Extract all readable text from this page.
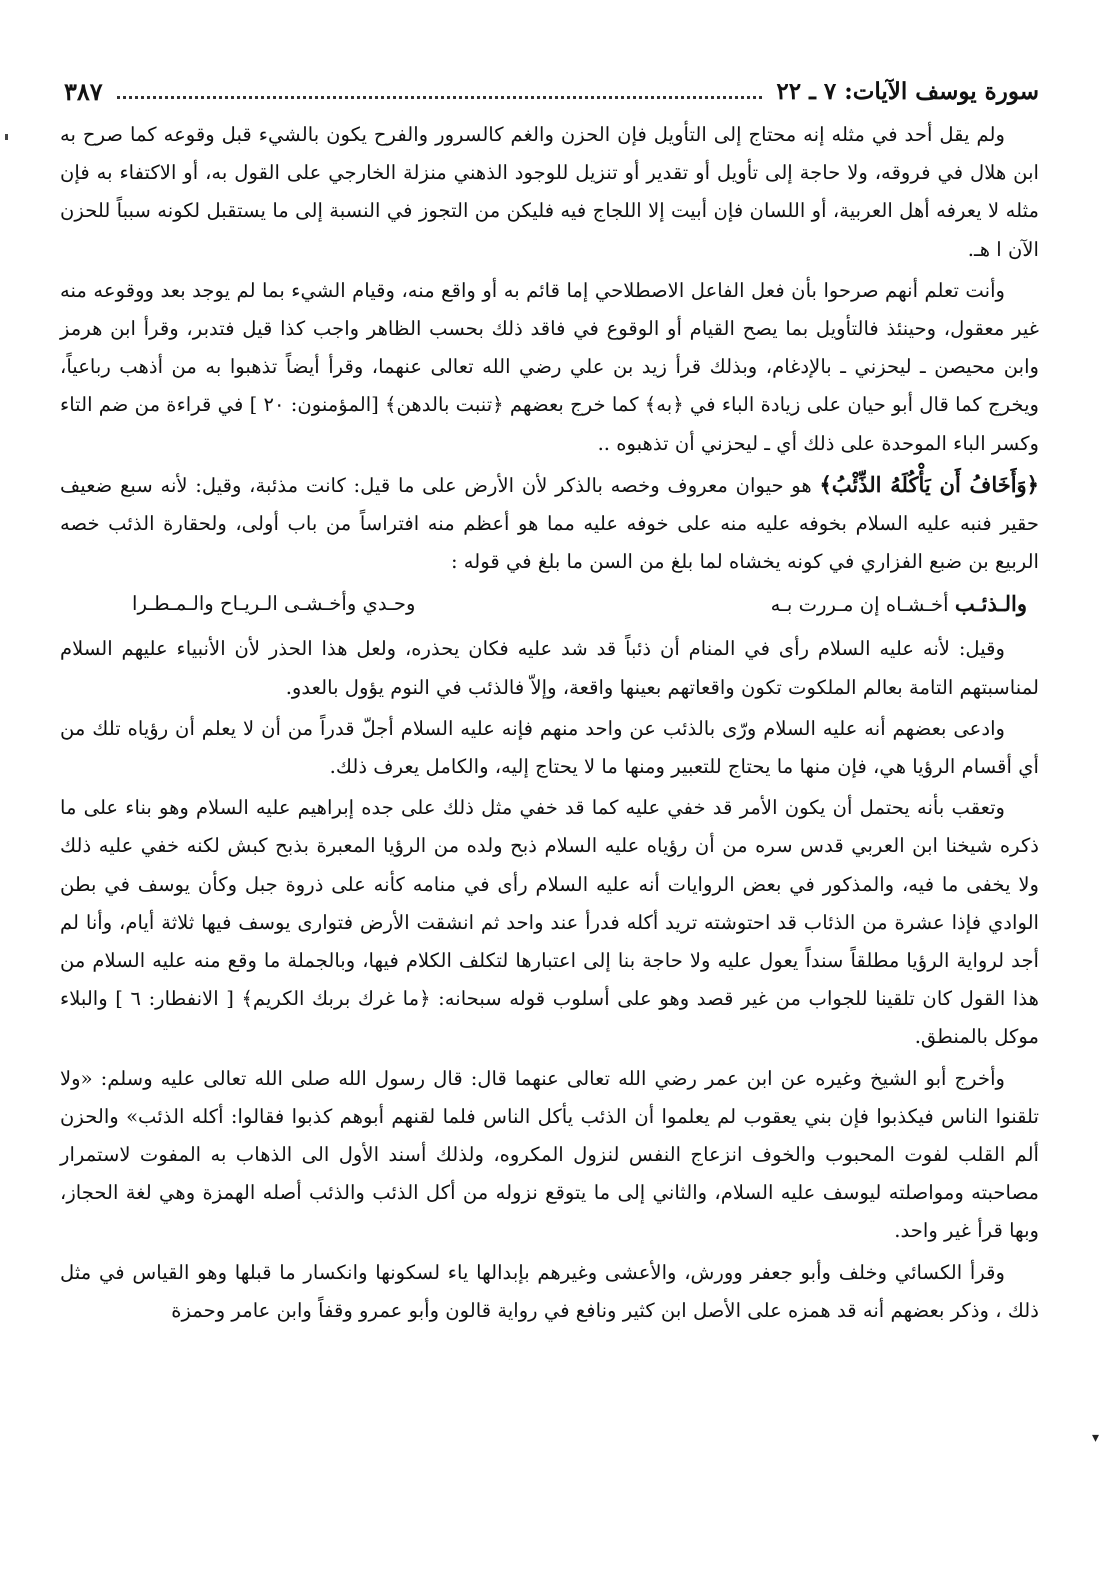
سورة يوسف الآيات: ٧ ـ ٢٢
٣٨٧

ولم يقل أحد في مثله إنه محتاج إلى التأويل فإن الحزن والغم كالسرور والفرح يكون بالشيء قبل وقوعه كما صرح به ابن هلال في فروقه، ولا حاجة إلى تأويل أو تقدير أو تنزيل للوجود الذهني منزلة الخارجي على القول به، أو الاكتفاء به فإن مثله لا يعرفه أهل العربية، أو اللسان فإن أبيت إلا اللجاج فيه فليكن من التجوز في النسبة إلى ما يستقبل لكونه سبباً للحزن الآن ا هـ.

وأنت تعلم أنهم صرحوا بأن فعل الفاعل الاصطلاحي إما قائم به أو واقع منه، وقيام الشيء بما لم يوجد بعد ووقوعه منه غير معقول، وحينئذ فالتأويل بما يصح القيام أو الوقوع في فاقد ذلك بحسب الظاهر واجب كذا قيل فتدبر، وقرأ ابن هرمز وابن محيصن ـ ليحزني ـ بالإدغام، وبذلك قرأ زيد بن علي رضي الله تعالى عنهما، وقرأ أيضاً تذهبوا به من أذهب رباعياً، ويخرج كما قال أبو حيان على زيادة الباء في ﴿به﴾ كما خرج بعضهم ﴿تنبت بالدهن﴾ [المؤمنون: ٢٠ ] في قراءة من ضم التاء وكسر الباء الموحدة على ذلك أي ـ ليحزني أن تذهبوه ..

﴿وَأَخَافُ أَن يَأْكُلَهُ الذِّئْبُ﴾ هو حيوان معروف وخصه بالذكر لأن الأرض على ما قيل: كانت مذئبة، وقيل: لأنه سبع ضعيف حقير فنبه عليه السلام بخوفه عليه منه على خوفه عليه مما هو أعظم منه افتراساً من باب أولى، ولحقارة الذئب خصه الربيع بن ضبع الفزاري في كونه يخشاه لما بلغ من السن ما بلغ في قوله :

والـذئـب أخـشـاه إن مـررت بـه
وحـدي وأخـشـى الـريـاح والـمـطـرا

وقيل: لأنه عليه السلام رأى في المنام أن ذئباً قد شد عليه فكان يحذره، ولعل هذا الحذر لأن الأنبياء عليهم السلام لمناسبتهم التامة بعالم الملكوت تكون واقعاتهم بعينها واقعة، وإلاّ فالذئب في النوم يؤول بالعدو.

وادعى بعضهم أنه عليه السلام ورّى بالذئب عن واحد منهم فإنه عليه السلام أجلّ قدراً من أن لا يعلم أن رؤياه تلك من أي أقسام الرؤيا هي، فإن منها ما يحتاج للتعبير ومنها ما لا يحتاج إليه، والكامل يعرف ذلك.

وتعقب بأنه يحتمل أن يكون الأمر قد خفي عليه كما قد خفي مثل ذلك على جده إبراهيم عليه السلام وهو بناء على ما ذكره شيخنا ابن العربي قدس سره من أن رؤياه عليه السلام ذبح ولده من الرؤيا المعبرة بذبح كبش لكنه خفي عليه ذلك ولا يخفى ما فيه، والمذكور في بعض الروايات أنه عليه السلام رأى في منامه كأنه على ذروة جبل وكأن يوسف في بطن الوادي فإذا عشرة من الذئاب قد احتوشته تريد أكله فدرأ عند واحد ثم انشقت الأرض فتوارى يوسف فيها ثلاثة أيام، وأنا لم أجد لرواية الرؤيا مطلقاً سنداً يعول عليه ولا حاجة بنا إلى اعتبارها لتكلف الكلام فيها، وبالجملة ما وقع منه عليه السلام من هذا القول كان تلقينا للجواب من غير قصد وهو على أسلوب قوله سبحانه: ﴿ما غرك بربك الكريم﴾ [ الانفطار: ٦ ] والبلاء موكل بالمنطق.

وأخرج أبو الشيخ وغيره عن ابن عمر رضي الله تعالى عنهما قال: قال رسول الله صلى الله تعالى عليه وسلم: «ولا تلقنوا الناس فيكذبوا فإن بني يعقوب لم يعلموا أن الذئب يأكل الناس فلما لقنهم أبوهم كذبوا فقالوا: أكله الذئب» والحزن ألم القلب لفوت المحبوب والخوف انزعاج النفس لنزول المكروه، ولذلك أسند الأول الى الذهاب به المفوت لاستمرار مصاحبته ومواصلته ليوسف عليه السلام، والثاني إلى ما يتوقع نزوله من أكل الذئب والذئب أصله الهمزة وهي لغة الحجاز، وبها قرأ غير واحد.

وقرأ الكسائي وخلف وأبو جعفر وورش، والأعشى وغيرهم بإبدالها ياء لسكونها وانكسار ما قبلها وهو القياس في مثل ذلك ، وذكر بعضهم أنه قد همزه على الأصل ابن كثير ونافع في رواية قالون وأبو عمرو وقفاً وابن عامر وحمزة

▾
